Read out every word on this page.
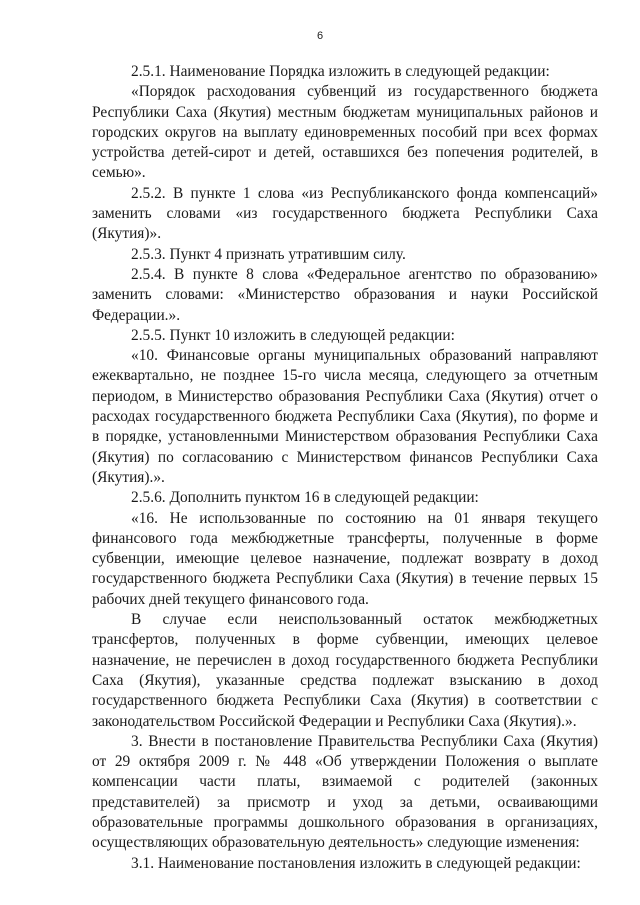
6

2.5.1. Наименование Порядка изложить в следующей редакции:

«Порядок расходования субвенций из государственного бюджета Республики Саха (Якутия) местным бюджетам муниципальных районов и городских округов на выплату единовременных пособий при всех формах устройства детей-сирот и детей, оставшихся без попечения родителей, в семью».

2.5.2. В пункте 1 слова «из Республиканского фонда компенсаций» заменить словами «из государственного бюджета Республики Саха (Якутия)».

2.5.3. Пункт 4 признать утратившим силу.

2.5.4. В пункте 8 слова «Федеральное агентство по образованию» заменить словами: «Министерство образования и науки Российской Федерации.».

2.5.5. Пункт 10 изложить в следующей редакции:

«10. Финансовые органы муниципальных образований направляют ежеквартально, не позднее 15-го числа месяца, следующего за отчетным периодом, в Министерство образования Республики Саха (Якутия) отчет о расходах государственного бюджета Республики Саха (Якутия), по форме и в порядке, установленными Министерством образования Республики Саха (Якутия) по согласованию с Министерством финансов Республики Саха (Якутия).».

2.5.6. Дополнить пунктом 16 в следующей редакции:

«16. Не использованные по состоянию на 01 января текущего финансового года межбюджетные трансферты, полученные в форме субвенции, имеющие целевое назначение, подлежат возврату в доход государственного бюджета Республики Саха (Якутия) в течение первых 15 рабочих дней текущего финансового года.

В случае если неиспользованный остаток межбюджетных трансфертов, полученных в форме субвенции, имеющих целевое назначение, не перечислен в доход государственного бюджета Республики Саха (Якутия), указанные средства подлежат взысканию в доход государственного бюджета Республики Саха (Якутия) в соответствии с законодательством Российской Федерации и Республики Саха (Якутия).».

3. Внести в постановление Правительства Республики Саха (Якутия) от 29 октября 2009 г. № 448 «Об утверждении Положения о выплате компенсации части платы, взимаемой с родителей (законных представителей) за присмотр и уход за детьми, осваивающими образовательные программы дошкольного образования в организациях, осуществляющих образовательную деятельность» следующие изменения:

3.1. Наименование постановления изложить в следующей редакции:
